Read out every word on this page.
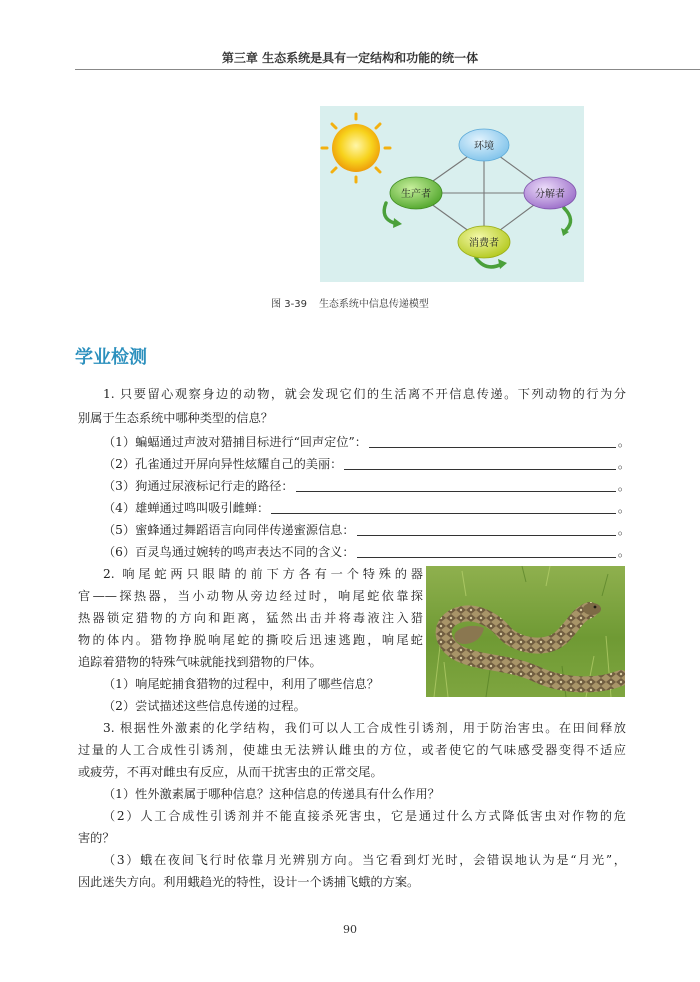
第三章 生态系统是具有一定结构和功能的统一体
环境
生产者	分解者
消费者
图 3-39 生态系统中信息传递模型
学业检测
1. 只要留心观察身边的动物，就会发现它们的生活离不开信息传递。下列动物的行为分
别属于生态系统中哪种类型的信息？
（1）蝙蝠通过声波对猎捕目标进行“回声定位”：	。
（2）孔雀通过开屏向异性炫耀自己的美丽：	。
（3）狗通过尿液标记行走的路径：	。
（4）雄蝉通过鸣叫吸引雌蝉：	。
（5）蜜蜂通过舞蹈语言向同伴传递蜜源信息：	。
（6）百灵鸟通过婉转的鸣声表达不同的含义：	。
2. 响尾蛇两只眼睛的前下方各有一个特殊的器
官——探热器，当小动物从旁边经过时，响尾蛇依靠探
热器锁定猎物的方向和距离，猛然出击并将毒液注入猎
物的体内。猎物挣脱响尾蛇的撕咬后迅速逃跑，响尾蛇
追踪着猎物的特殊气味就能找到猎物的尸体。
（1）响尾蛇捕食猎物的过程中，利用了哪些信息？
（2）尝试描述这些信息传递的过程。
3. 根据性外激素的化学结构，我们可以人工合成性引诱剂，用于防治害虫。在田间释放
过量的人工合成性引诱剂，使雄虫无法辨认雌虫的方位，或者使它的气味感受器变得不适应
或疲劳，不再对雌虫有反应，从而干扰害虫的正常交尾。
（1）性外激素属于哪种信息？这种信息的传递具有什么作用？
（2）人工合成性引诱剂并不能直接杀死害虫，它是通过什么方式降低害虫对作物的危
害的？
（3）蛾在夜间飞行时依靠月光辨别方向。当它看到灯光时，会错误地认为是“月光”，
因此迷失方向。利用蛾趋光的特性，设计一个诱捕飞蛾的方案。
90
